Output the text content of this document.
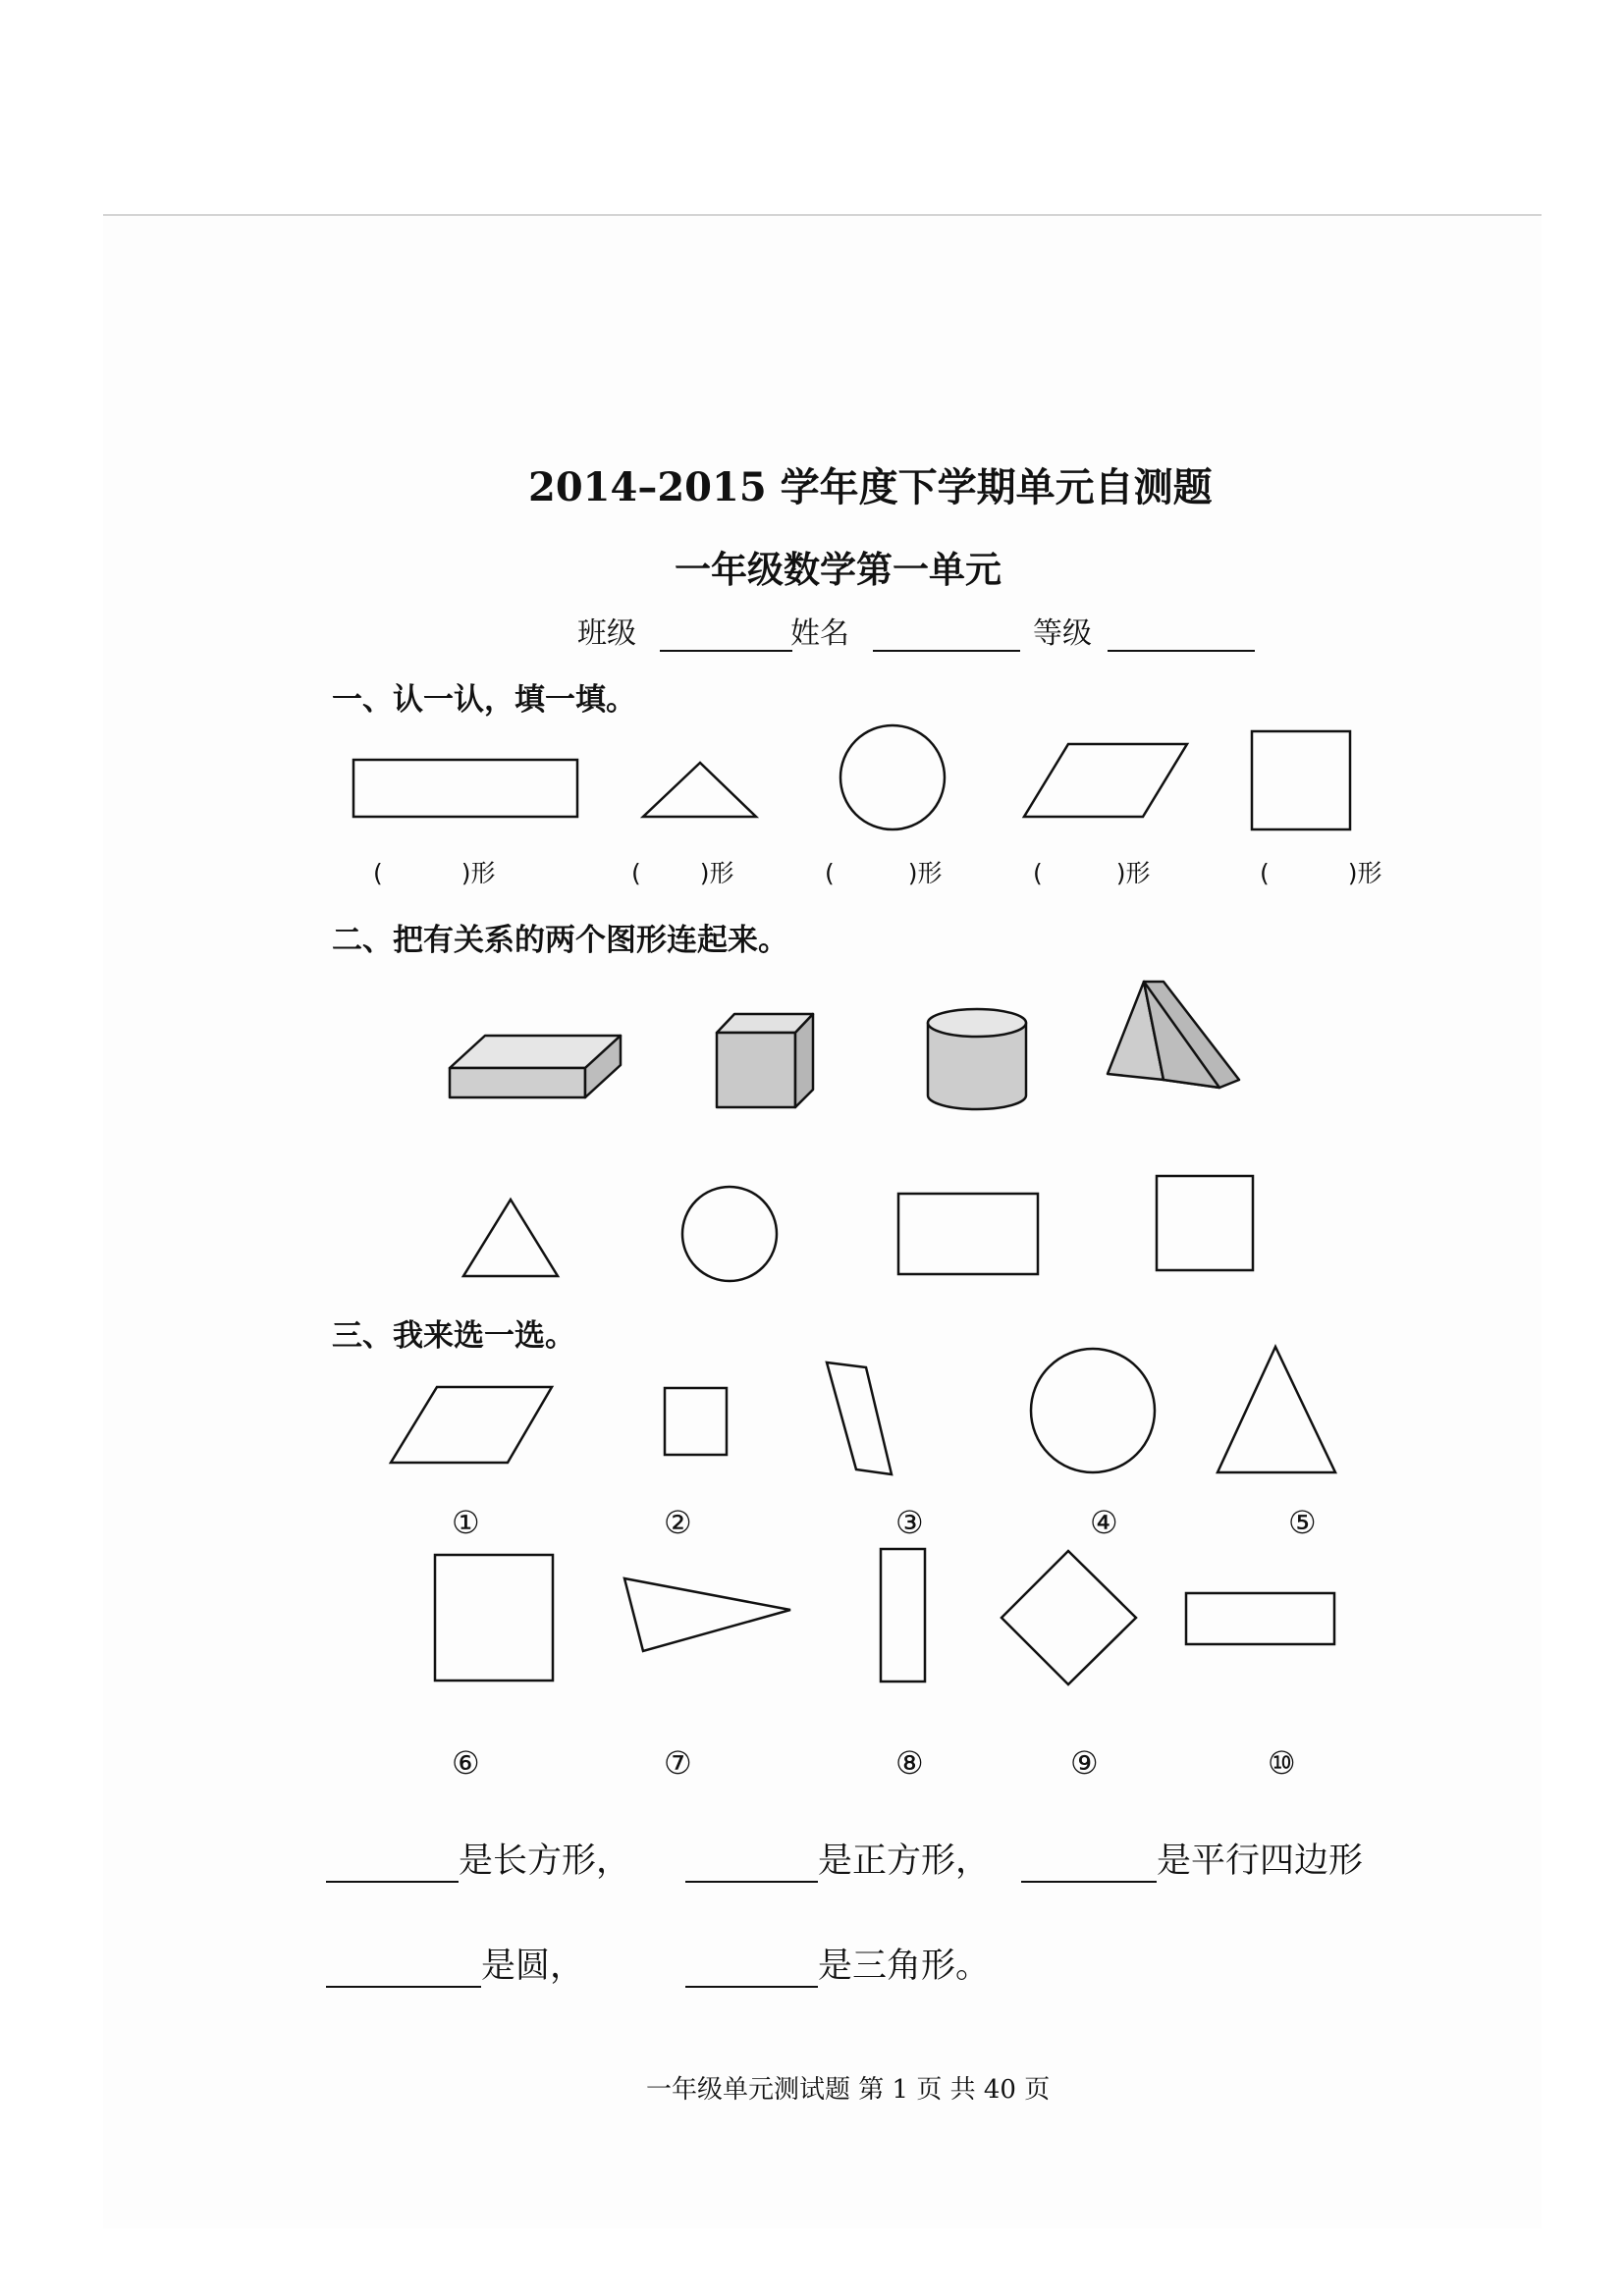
2014–2015 学年度下学期单元自测题
一年级数学第一单元
班级	姓名	等级
一、认一认，填一填。
(	)形	( )形	(	)形	(	)形	(	)形
二、把有关系的两个图形连起来。
三、我来选一选。
①	②	③	④	⑤
⑥	⑦	⑧	⑨	⑩
是长方形，	是正方形，	是平行四边形
是圆，	是三角形。
一年级单元测试题 第 1 页 共 40 页
